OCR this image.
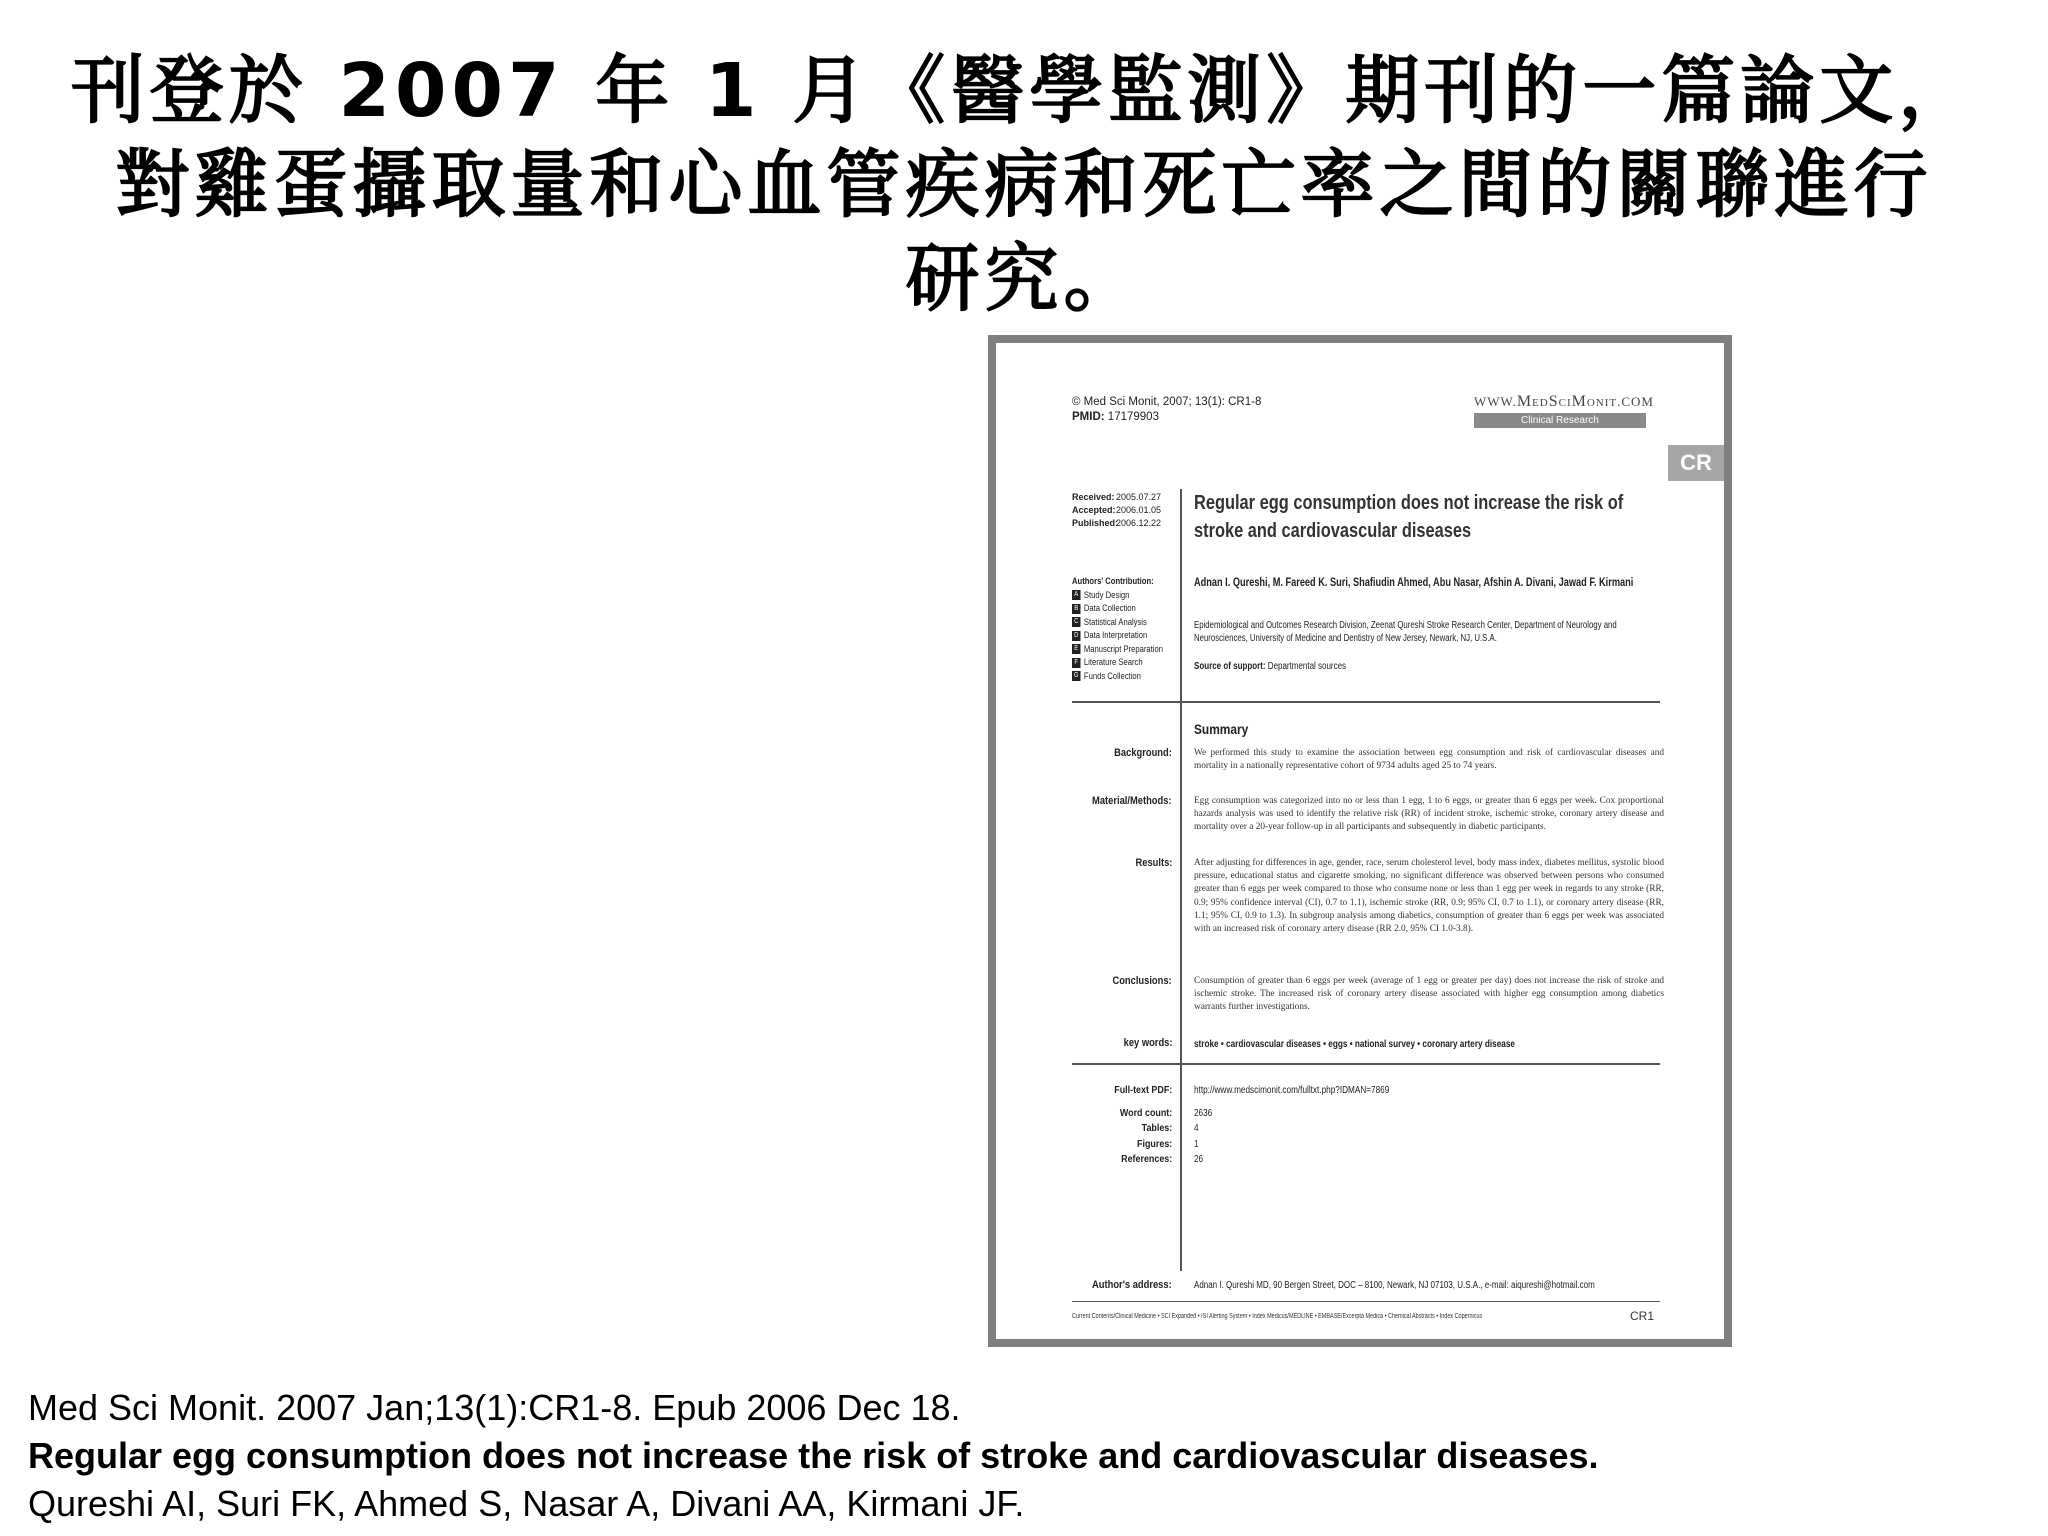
刊登於 2007 年 1 月《醫學監測》期刊的一篇論文，
對雞蛋攝取量和心血管疾病和死亡率之間的關聯進行
研究。
© Med Sci Monit, 2007; 13(1): CR1-8
PMID: 17179903
WWW.MedSciMonit.COM
Clinical Research
CR
Received:2005.07.27
Accepted:2006.01.05
Published:2006.12.22
Regular egg consumption does not increase the risk of stroke and cardiovascular diseases
Adnan I. Qureshi, M. Fareed K. Suri, Shafiudin Ahmed, Abu Nasar, Afshin A. Divani, Jawad F. Kirmani
Epidemiological and Outcomes Research Division, Zeenat Qureshi Stroke Research Center, Department of Neurology and Neurosciences, University of Medicine and Dentistry of New Jersey, Newark, NJ, U.S.A.
Source of support: Departmental sources
Authors' Contribution:
A Study Design
B Data Collection
C Statistical Analysis
D Data Interpretation
E Manuscript Preparation
F Literature Search
G Funds Collection
Summary
Background: We performed this study to examine the association between egg consumption and risk of cardiovascular diseases and mortality in a nationally representative cohort of 9734 adults aged 25 to 74 years.
Material/Methods: Egg consumption was categorized into no or less than 1 egg, 1 to 6 eggs, or greater than 6 eggs per week. Cox proportional hazards analysis was used to identify the relative risk (RR) of incident stroke, ischemic stroke, coronary artery disease and mortality over a 20-year follow-up in all participants and subsequently in diabetic participants.
Results: After adjusting for differences in age, gender, race, serum cholesterol level, body mass index, diabetes mellitus, systolic blood pressure, educational status and cigarette smoking, no significant difference was observed between persons who consumed greater than 6 eggs per week compared to those who consume none or less than 1 egg per week in regards to any stroke (RR, 0.9; 95% confidence interval (CI), 0.7 to 1.1), ischemic stroke (RR, 0.9; 95% CI, 0.7 to 1.1), or coronary artery disease (RR, 1.1; 95% CI, 0.9 to 1.3). In subgroup analysis among diabetics, consumption of greater than 6 eggs per week was associated with an increased risk of coronary artery disease (RR 2.0, 95% CI 1.0-3.8).
Conclusions: Consumption of greater than 6 eggs per week (average of 1 egg or greater per day) does not increase the risk of stroke and ischemic stroke. The increased risk of coronary artery disease associated with higher egg consumption among diabetics warrants further investigations.
key words: stroke • cardiovascular diseases • eggs • national survey • coronary artery disease
Full-text PDF:
Word count:
Tables:
Figures:
References:
http://www.medscimonit.com/fulltxt.php?IDMAN=7869
2636
4
1
26
Author's address: Adnan I. Qureshi MD, 90 Bergen Street, DOC – 8100, Newark, NJ 07103, U.S.A., e-mail: aiqureshi@hotmail.com
Current Contents/Clinical Medicine • SCI Expanded • ISI Alerting System • Index Medicus/MEDLINE • EMBASE/Excerpta Medica • Chemical Abstracts • Index Copernicus	CR1
Med Sci Monit. 2007 Jan;13(1):CR1-8. Epub 2006 Dec 18.
Regular egg consumption does not increase the risk of stroke and cardiovascular diseases.
Qureshi AI, Suri FK, Ahmed S, Nasar A, Divani AA, Kirmani JF.
